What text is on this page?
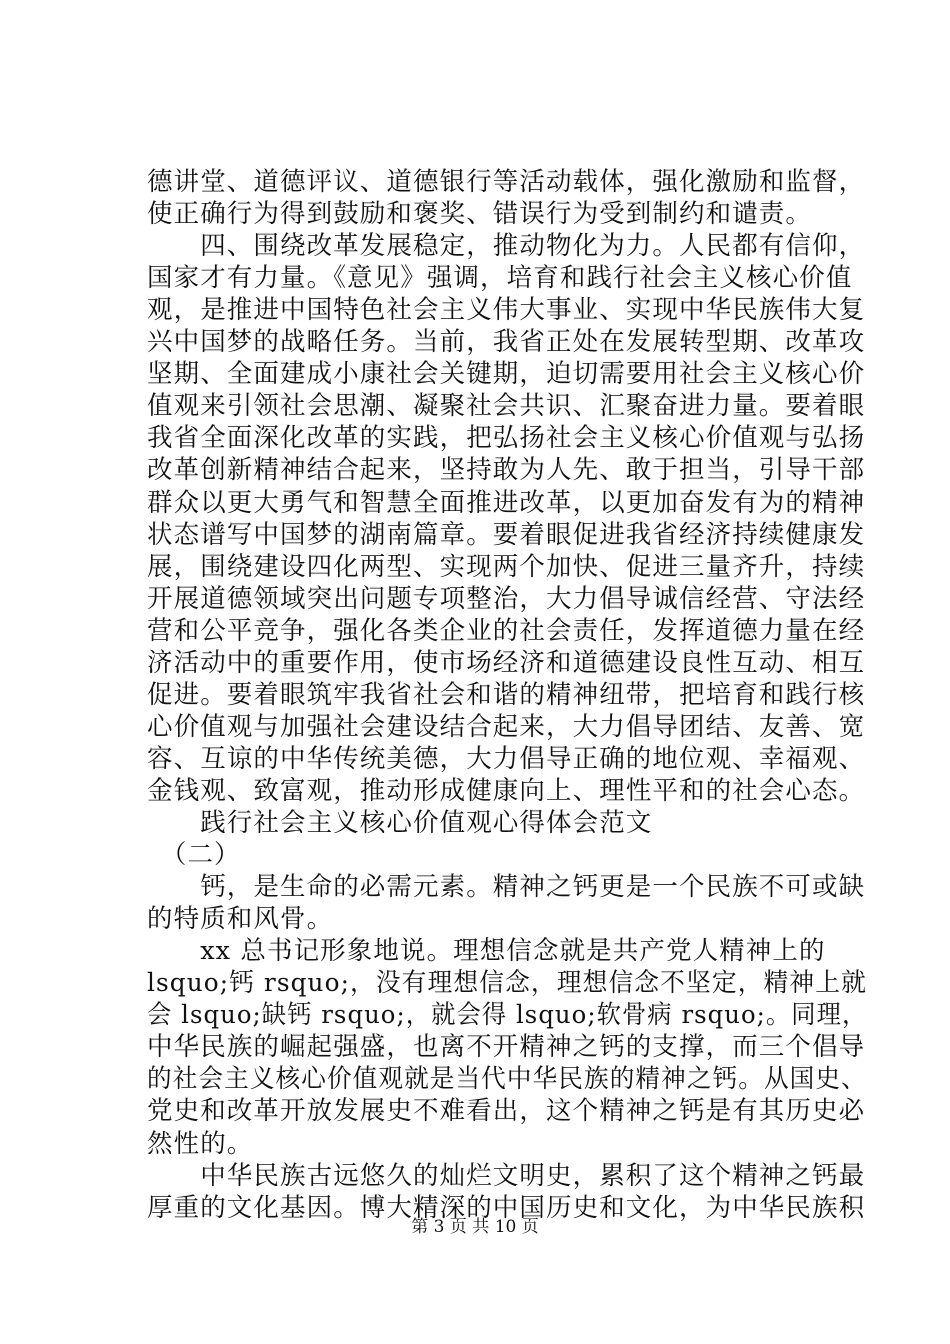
德讲堂、道德评议、道德银行等活动载体，强化激励和监督，
使正确行为得到鼓励和褒奖、错误行为受到制约和谴责。
　　四、围绕改革发展稳定，推动物化为力。人民都有信仰，
国家才有力量。《意见》强调，培育和践行社会主义核心价值
观，是推进中国特色社会主义伟大事业、实现中华民族伟大复
兴中国梦的战略任务。当前，我省正处在发展转型期、改革攻
坚期、全面建成小康社会关键期，迫切需要用社会主义核心价
值观来引领社会思潮、凝聚社会共识、汇聚奋进力量。要着眼
我省全面深化改革的实践，把弘扬社会主义核心价值观与弘扬
改革创新精神结合起来，坚持敢为人先、敢于担当，引导干部
群众以更大勇气和智慧全面推进改革，以更加奋发有为的精神
状态谱写中国梦的湖南篇章。要着眼促进我省经济持续健康发
展，围绕建设四化两型、实现两个加快、促进三量齐升，持续
开展道德领域突出问题专项整治，大力倡导诚信经营、守法经
营和公平竞争，强化各类企业的社会责任，发挥道德力量在经
济活动中的重要作用，使市场经济和道德建设良性互动、相互
促进。要着眼筑牢我省社会和谐的精神纽带，把培育和践行核
心价值观与加强社会建设结合起来，大力倡导团结、友善、宽
容、互谅的中华传统美德，大力倡导正确的地位观、幸福观、
金钱观、致富观，推动形成健康向上、理性平和的社会心态。
　　践行社会主义核心价值观心得体会范文
　（二）
　　钙，是生命的必需元素。精神之钙更是一个民族不可或缺
的特质和风骨。
　　xx 总书记形象地说。理想信念就是共产党人精神上的
lsquo;钙 rsquo;，没有理想信念，理想信念不坚定，精神上就
会 lsquo;缺钙 rsquo;，就会得 lsquo;软骨病 rsquo;。同理，
中华民族的崛起强盛，也离不开精神之钙的支撑，而三个倡导
的社会主义核心价值观就是当代中华民族的精神之钙。从国史、
党史和改革开放发展史不难看出，这个精神之钙是有其历史必
然性的。
　　中华民族古远悠久的灿烂文明史，累积了这个精神之钙最
厚重的文化基因。博大精深的中国历史和文化，为中华民族积
第 3 页 共 10 页
